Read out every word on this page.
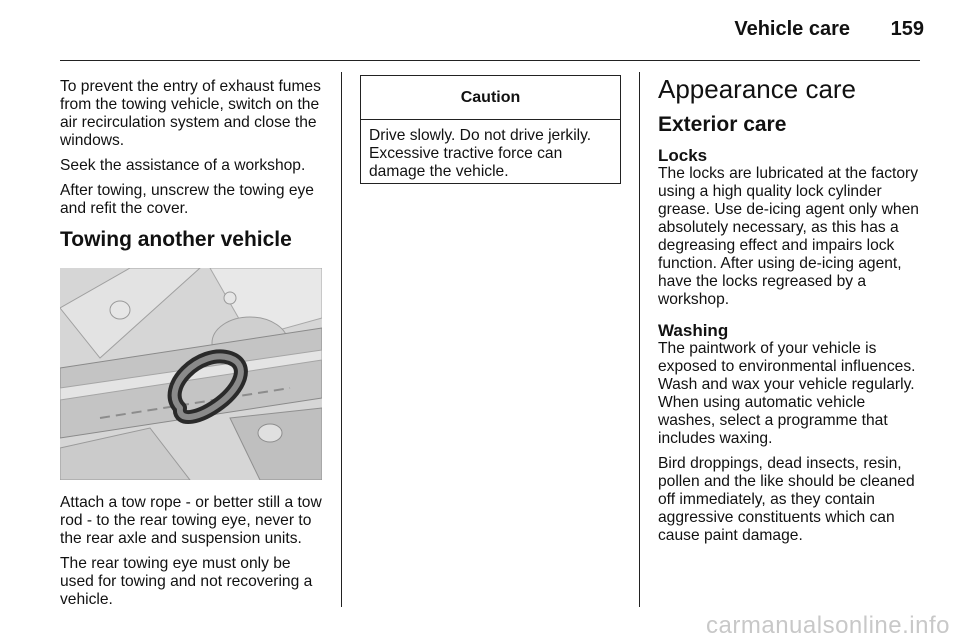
Vehicle care	159

To prevent the entry of exhaust fumes from the towing vehicle, switch on the air recirculation system and close the windows.

Seek the assistance of a workshop.

After towing, unscrew the towing eye and refit the cover.

Towing another vehicle

Attach a tow rope - or better still a tow rod - to the rear towing eye, never to the rear axle and suspension units.

The rear towing eye must only be used for towing and not recovering a vehicle.

Caution
Drive slowly. Do not drive jerkily. Excessive tractive force can damage the vehicle.
Appearance care
Exterior care
Locks

The locks are lubricated at the factory using a high quality lock cylinder grease. Use de-icing agent only when absolutely necessary, as this has a degreasing effect and impairs lock function. After using de-icing agent, have the locks regreased by a workshop.

Washing

The paintwork of your vehicle is exposed to environmental influences. Wash and wax your vehicle regularly. When using automatic vehicle washes, select a programme that includes waxing.

Bird droppings, dead insects, resin, pollen and the like should be cleaned off immediately, as they contain aggressive constituents which can cause paint damage.

carmanualsonline.info
